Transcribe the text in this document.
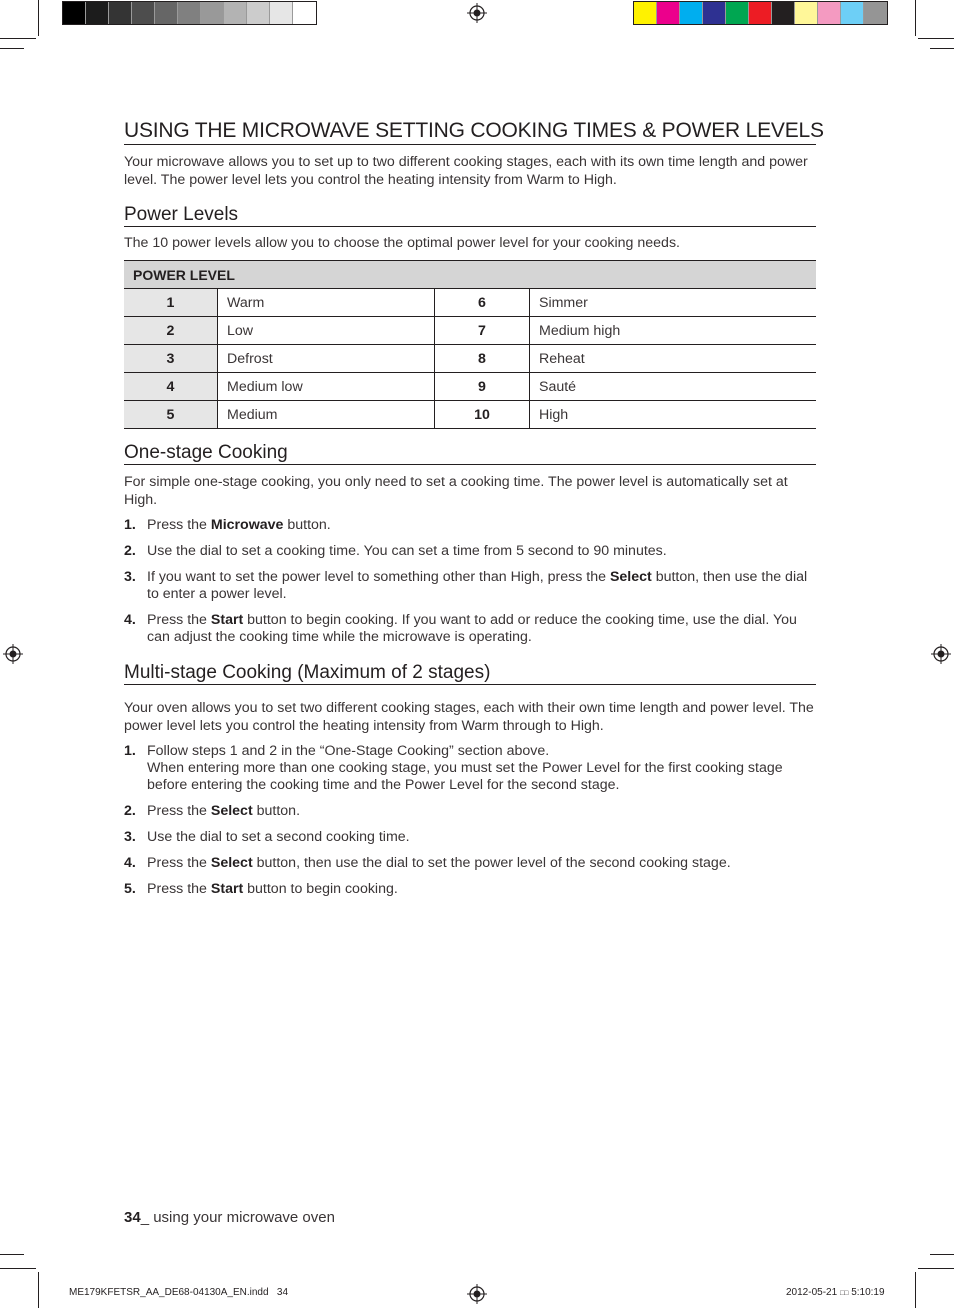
USING THE MICROWAVE SETTING COOKING TIMES & POWER LEVELS

Your microwave allows you to set up to two different cooking stages, each with its own time length and power level. The power level lets you control the heating intensity from Warm to High.

Power Levels

The 10 power levels allow you to choose the optimal power level for your cooking needs.

POWER LEVEL			
1	Warm	6	Simmer
2	Low	7	Medium high
3	Defrost	8	Reheat
4	Medium low	9	Sauté
5	Medium	10	High
One-stage Cooking

For simple one-stage cooking, you only need to set a cooking time. The power level is automatically set at High.

1. Press the Microwave button.
2. Use the dial to set a cooking time. You can set a time from 5 second to 90 minutes.
3. If you want to set the power level to something other than High, press the Select button, then use the dial to enter a power level.
4. Press the Start button to begin cooking. If you want to add or reduce the cooking time, use the dial. You can adjust the cooking time while the microwave is operating.
Multi-stage Cooking (Maximum of 2 stages)

Your oven allows you to set two different cooking stages, each with their own time length and power level. The power level lets you control the heating intensity from Warm through to High.

1. Follow steps 1 and 2 in the “One-Stage Cooking” section above.
When entering more than one cooking stage, you must set the Power Level for the first cooking stage before entering the cooking time and the Power Level for the second stage.
2. Press the Select button.
3. Use the dial to set a second cooking time.
4. Press the Select button, then use the dial to set the power level of the second cooking stage.
5. Press the Start button to begin cooking.
34_ using your microwave oven
ME179KFETSR_AA_DE68-04130A_EN.indd   34	2012-05-21 □□ 5:10:19
